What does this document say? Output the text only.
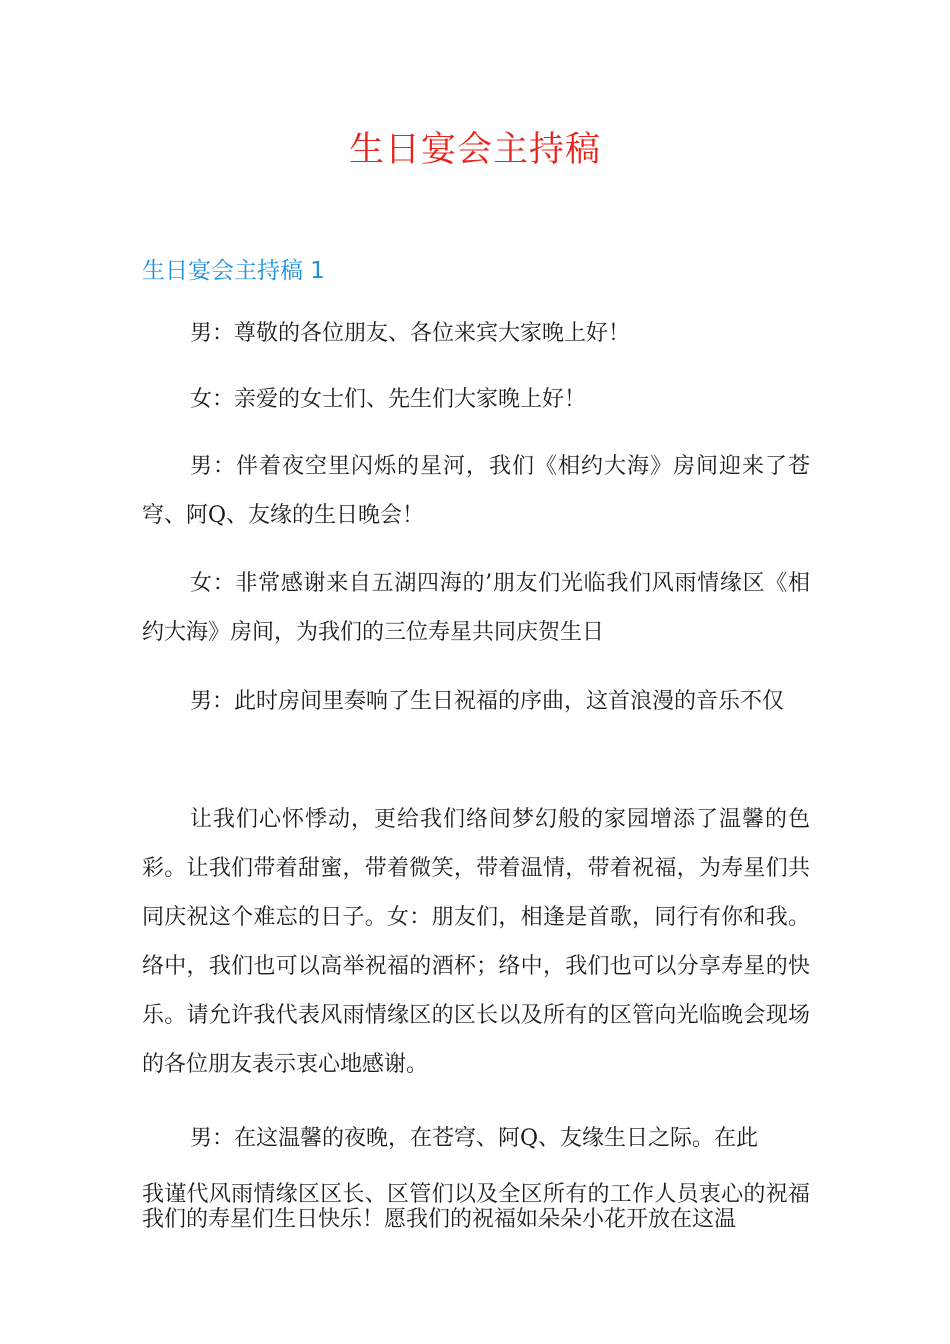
生日宴会主持稿
生日宴会主持稿 1

男：尊敬的各位朋友、各位来宾大家晚上好！

女：亲爱的女士们、先生们大家晚上好！

男：伴着夜空里闪烁的星河，我们《相约大海》房间迎来了苍穹、阿Q、友缘的生日晚会！

女：非常感谢来自五湖四海的’朋友们光临我们风雨情缘区《相约大海》房间，为我们的三位寿星共同庆贺生日

男：此时房间里奏响了生日祝福的序曲，这首浪漫的音乐不仅

让我们心怀悸动，更给我们络间梦幻般的家园增添了温馨的色彩。让我们带着甜蜜，带着微笑，带着温情，带着祝福，为寿星们共同庆祝这个难忘的日子。女：朋友们，相逢是首歌，同行有你和我。络中，我们也可以高举祝福的酒杯；络中，我们也可以分享寿星的快乐。请允许我代表风雨情缘区的区长以及所有的区管向光临晚会现场的各位朋友表示衷心地感谢。

男：在这温馨的夜晚，在苍穹、阿Q、友缘生日之际。在此

我谨代风雨情缘区区长、区管们以及全区所有的工作人员衷心的祝福我们的寿星们生日快乐！愿我们的祝福如朵朵小花开放在这温
